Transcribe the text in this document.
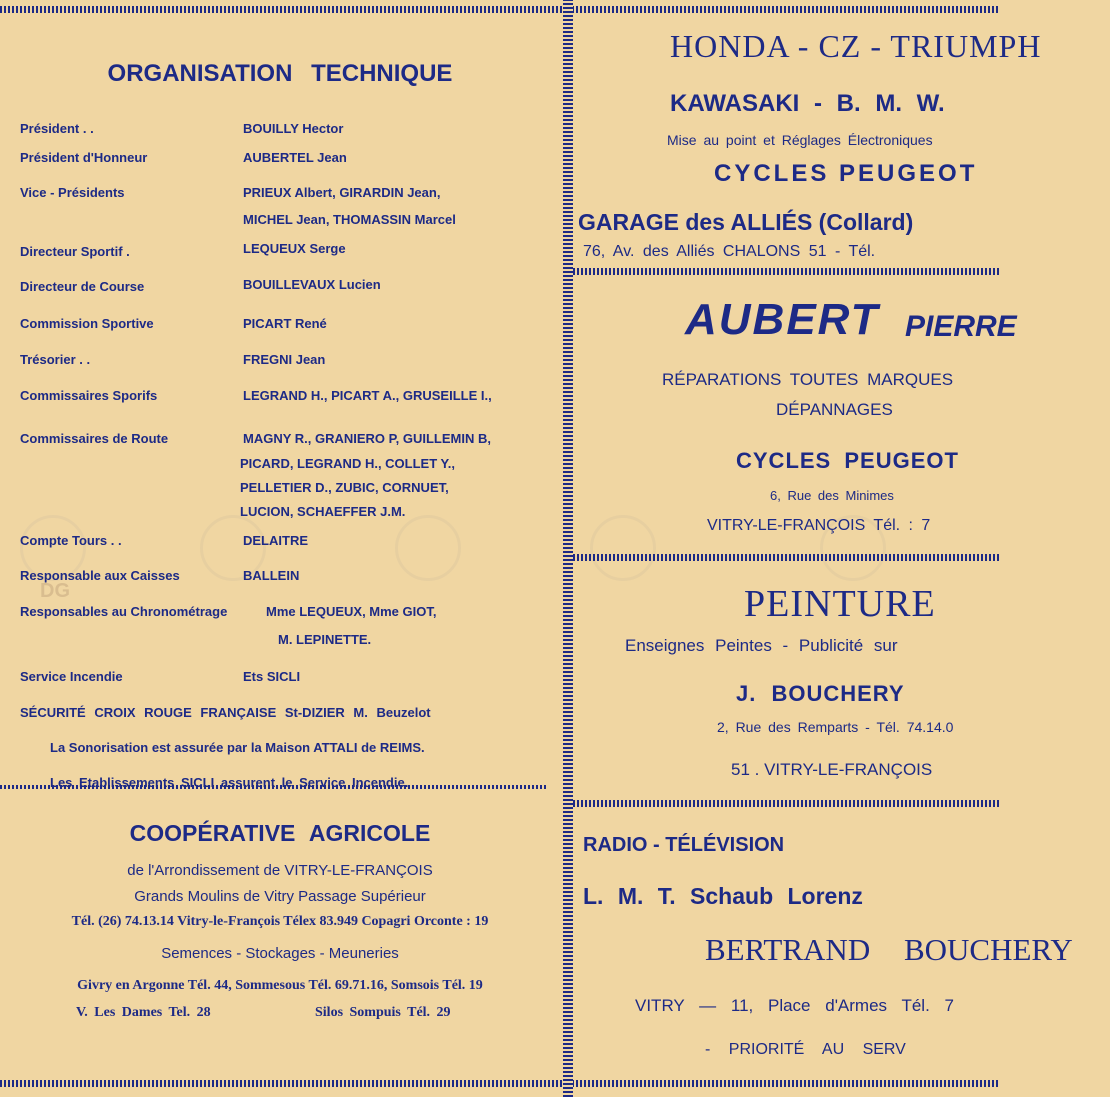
DG
ORGANISATION TECHNIQUE
Président . .	BOUILLY Hector
Président d'Honneur	AUBERTEL Jean
Vice - Présidents	PRIEUX Albert, GIRARDIN Jean,
MICHEL Jean, THOMASSIN Marcel
Directeur Sportif .	LEQUEUX Serge
Directeur de Course	BOUILLEVAUX Lucien
Commission Sportive	PICART René
Trésorier . .	FREGNI Jean
Commissaires Sporifs	LEGRAND H., PICART A., GRUSEILLE I.,
Commissaires de Route	MAGNY R., GRANIERO P, GUILLEMIN B,
PICARD, LEGRAND H., COLLET Y.,
PELLETIER D., ZUBIC, CORNUET,
LUCION, SCHAEFFER J.M.
Compte Tours . .	DELAITRE
Responsable aux Caisses	BALLEIN
Responsables au Chronométrage	Mme LEQUEUX, Mme GIOT,
M. LEPINETTE.
Service Incendie	Ets SICLI
SÉCURITÉ CROIX ROUGE FRANÇAISE St-DIZIER M. Beuzelot
La Sonorisation est assurée par la Maison ATTALI de REIMS.
Les Etablissements SICLI assurent le Service Incendie.
COOPÉRATIVE AGRICOLE
de l'Arrondissement de VITRY-LE-FRANÇOIS
Grands Moulins de Vitry Passage Supérieur
Tél. (26) 74.13.14 Vitry-le-François Télex 83.949 Copagri Orconte : 19
Semences - Stockages - Meuneries
Givry en Argonne Tél. 44, Sommesous Tél. 69.71.16, Somsois Tél. 19
V. Les Dames Tel. 28	Silos Sompuis Tél. 29
HONDA - CZ - TRIUMPH
KAWASAKI - B. M. W.
Mise au point et Réglages Électroniques
CYCLES PEUGEOT
GARAGE des ALLIÉS (Collard)
76, Av. des Alliés CHALONS 51 - Tél.
AUBERT PIERRE
RÉPARATIONS TOUTES MARQUES
DÉPANNAGES
CYCLES PEUGEOT
6, Rue des Minimes
VITRY-LE-FRANÇOIS Tél. : 7
PEINTURE
Enseignes Peintes - Publicité sur
J. BOUCHERY
2, Rue des Remparts - Tél. 74.14.0
51 . VITRY-LE-FRANÇOIS
RADIO - TÉLÉVISION
L. M. T. Schaub Lorenz
BERTRAND BOUCHERY
VITRY — 11, Place d'Armes Tél. 7
- PRIORITÉ AU SERV
